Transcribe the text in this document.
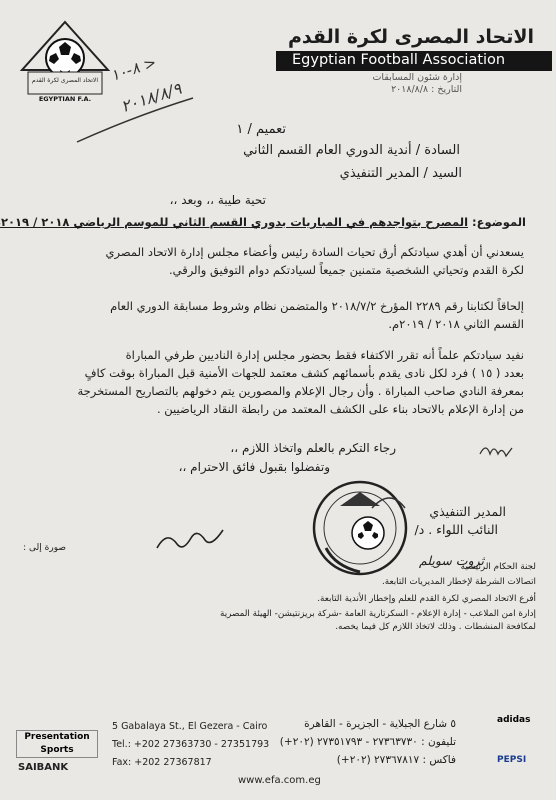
الاتحاد المصرى لكرة القدم
EGYPTIAN F.A.
٨-١٠ >
٢٠١٨/٨/٩
الاتحاد المصرى لكرة القدم
Egyptian Football Association
إدارة شئون المسابقات
التاريخ : ٢٠١٨/٨/٨
تعميم / ١
السادة / أندية الدوري العام القسم الثاني
السيد / المدير التنفيذي
تحية طيبة ،، وبعد ،،
الموضوع: المصرح بتواجدهم في المباريات بدوري القسم الثاني للموسم الرياضي ٢٠١٨ / ٢٠١٩
يسعدني أن أهدي سيادتكم أرق تحيات السادة رئيس وأعضاء مجلس إدارة الاتحاد المصري
لكرة القدم وتحياتي الشخصية متمنين جميعاً لسيادتكم دوام التوفيق والرقي.
إلحاقاً لكتابنا رقم ٢٢٨٩ المؤرخ ٢٠١٨/٧/٢ والمتضمن نظام وشروط مسابقة الدوري العام
القسم الثاني ٢٠١٨ / ٢٠١٩م.
نفيد سيادتكم علماً أنه تقرر الاكتفاء فقط بحضور مجلس إدارة الناديين طرفي المباراة
بعدد ( ١٥ ) فرد لكل نادى يقدم بأسمائهم كشف معتمد للجهات الأمنية قبل المباراة بوقت كافٍ
بمعرفة النادي صاحب المباراة . وأن رجال الإعلام والمصورين يتم دخولهم بالتصاريح المستخرجة
من إدارة الإعلام بالاتحاد بناء على الكشف المعتمد من رابطة النقاد الرياضيين .
رجاء التكرم بالعلم واتخاذ اللازم ،،
وتفضلوا بقبول فائق الاحترام ،،
المدير التنفيذي
النائب اللواء . د/
ثروت سويلم
صورة إلى :
لجنة الحكام الرئيسية
اتصالات الشرطة لإخطار المديريات التابعة.
أفرع الاتحاد المصري لكرة القدم للعلم وإخطار الأندية التابعة.
إدارة امن الملاعب - إدارة الإعلام - السكرتارية العامة -شركة بريزنتيشن- الهيئة المصرية
لمكافحة المنشطات . وذلك لاتخاذ اللازم كل فيما يخصه.
Presentation Sports
SAIBANK
5 Gabalaya St., El Gezera - Cairo
Tel.: +202 27363730 - 27351793
Fax: +202 27367817
٥ شارع الجبلاية - الجزيرة - القاهرة
تليفون : ٢٧٣٦٣٧٣٠ - ٢٧٣٥١٧٩٣ (٢٠٢+)
فاكس : ٢٧٣٦٧٨١٧ (٢٠٢+)
adidas
PEPSI
www.efa.com.eg
